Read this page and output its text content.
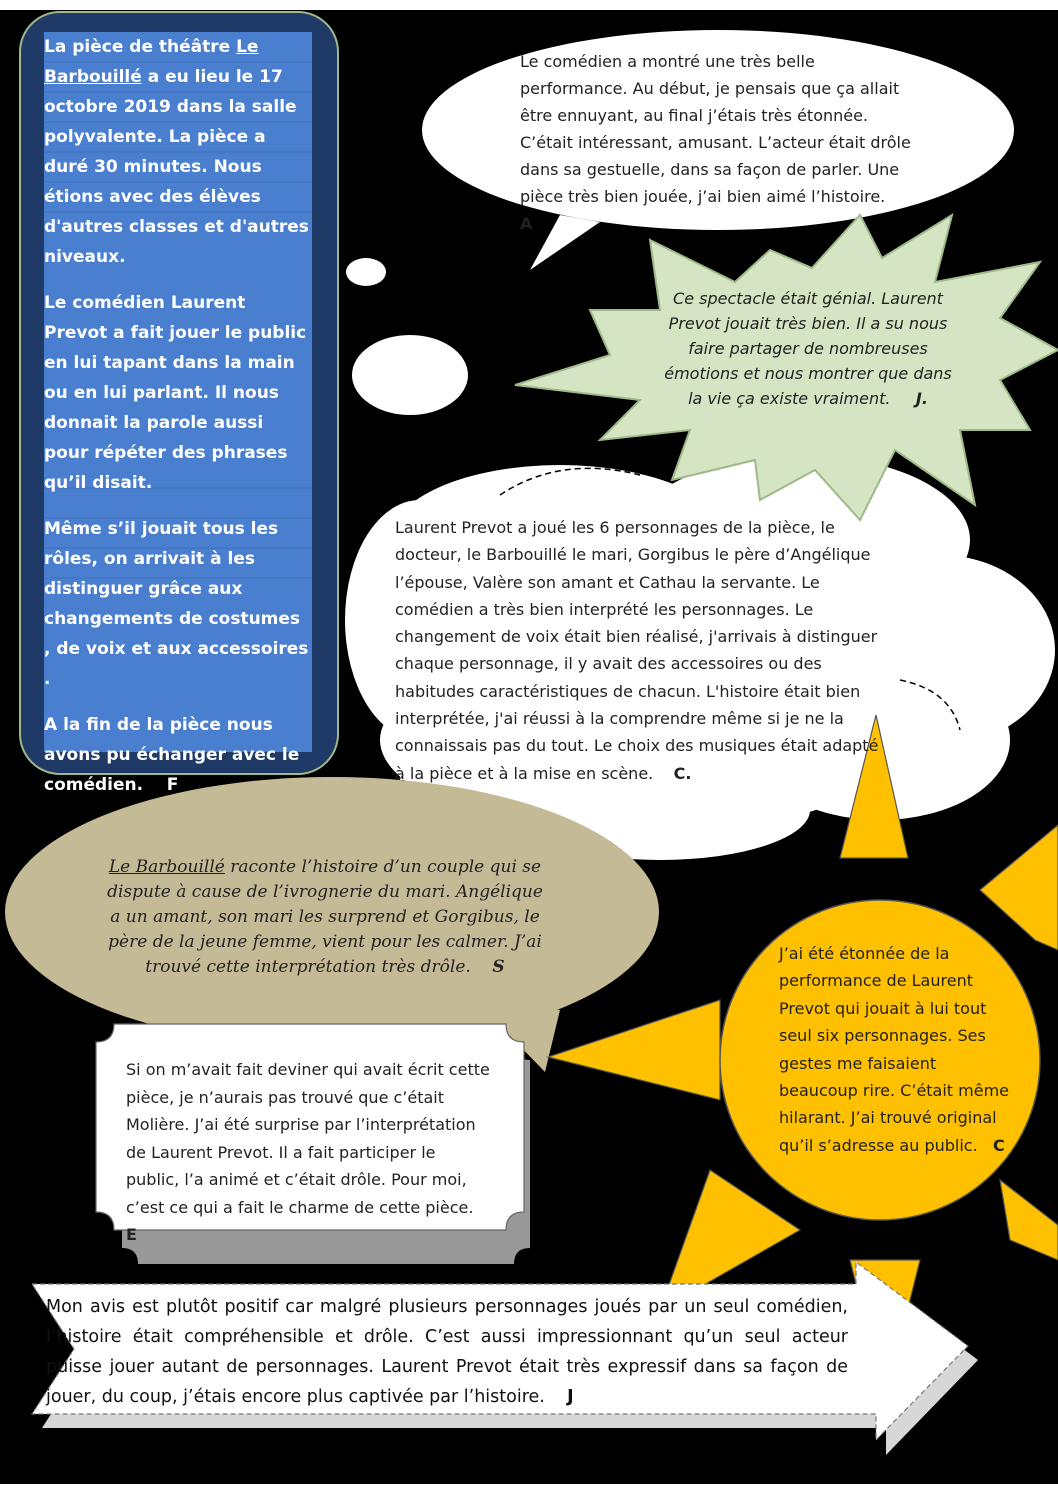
La pièce de théâtre Le Barbouillé a eu lieu le 17 octobre 2019 dans la salle polyvalente. La pièce a duré 30 minutes. Nous étions avec des élèves d'autres classes et d'autres niveaux.

Le comédien Laurent Prevot a fait jouer le public en lui tapant dans la main ou en lui parlant. Il nous donnait la parole aussi pour répéter des phrases qu’il disait.

Même s’il jouait tous les rôles, on arrivait à les distinguer grâce aux changements de costumes , de voix et aux accessoires .

A la fin de la pièce nous avons pu échanger avec le comédien. F

Le comédien a montré une très belle performance. Au début, je pensais que ça allait être ennuyant, au final j’étais très étonnée. C’était intéressant, amusant. L’acteur était drôle dans sa gestuelle, dans sa façon de parler. Une pièce très bien jouée, j’ai bien aimé l’histoire.     A
Ce spectacle était génial. Laurent Prevot jouait très bien. Il a su nous faire partager de nombreuses émotions et nous montrer que dans la vie ça existe vraiment. J.
Laurent Prevot a joué les 6 personnages de la pièce, le docteur, le Barbouillé le mari, Gorgibus le père d’Angélique l’épouse, Valère son amant et Cathau la servante. Le comédien a très bien interprété les personnages. Le changement de voix était bien réalisé, j'arrivais à distinguer chaque personnage, il y avait des accessoires ou des habitudes caractéristiques de chacun. L'histoire était bien interprétée, j'ai réussi à la comprendre même si je ne la connaissais pas du tout. Le choix des musiques était adapté à la pièce et à la mise en scène. C.
Le Barbouillé raconte l’histoire d’un couple qui se dispute à cause de l’ivrognerie du mari. Angélique a un amant, son mari les surprend et Gorgibus, le père de la jeune femme, vient pour les calmer. J’ai trouvé cette interprétation très drôle. S
Si on m’avait fait deviner qui avait écrit cette pièce, je n’aurais pas trouvé que c’était Molière. J’ai été surprise par l’interprétation de Laurent Prevot. Il a fait participer le public, l’a animé et c’était drôle. Pour moi, c’est ce qui a fait le charme de cette pièce.   E
J’ai été étonnée de la performance de Laurent Prevot qui jouait à lui tout seul six personnages. Ses gestes me faisaient beaucoup rire. C’était même hilarant. J’ai trouvé original qu’il s’adresse au public. C
Mon avis est plutôt positif car malgré plusieurs personnages joués par un seul comédien, l’histoire était compréhensible et drôle. C’est aussi impressionnant qu’un seul acteur puisse jouer autant de personnages. Laurent Prevot était très expressif dans sa façon de jouer, du coup, j’étais encore plus captivée par l’histoire. J
